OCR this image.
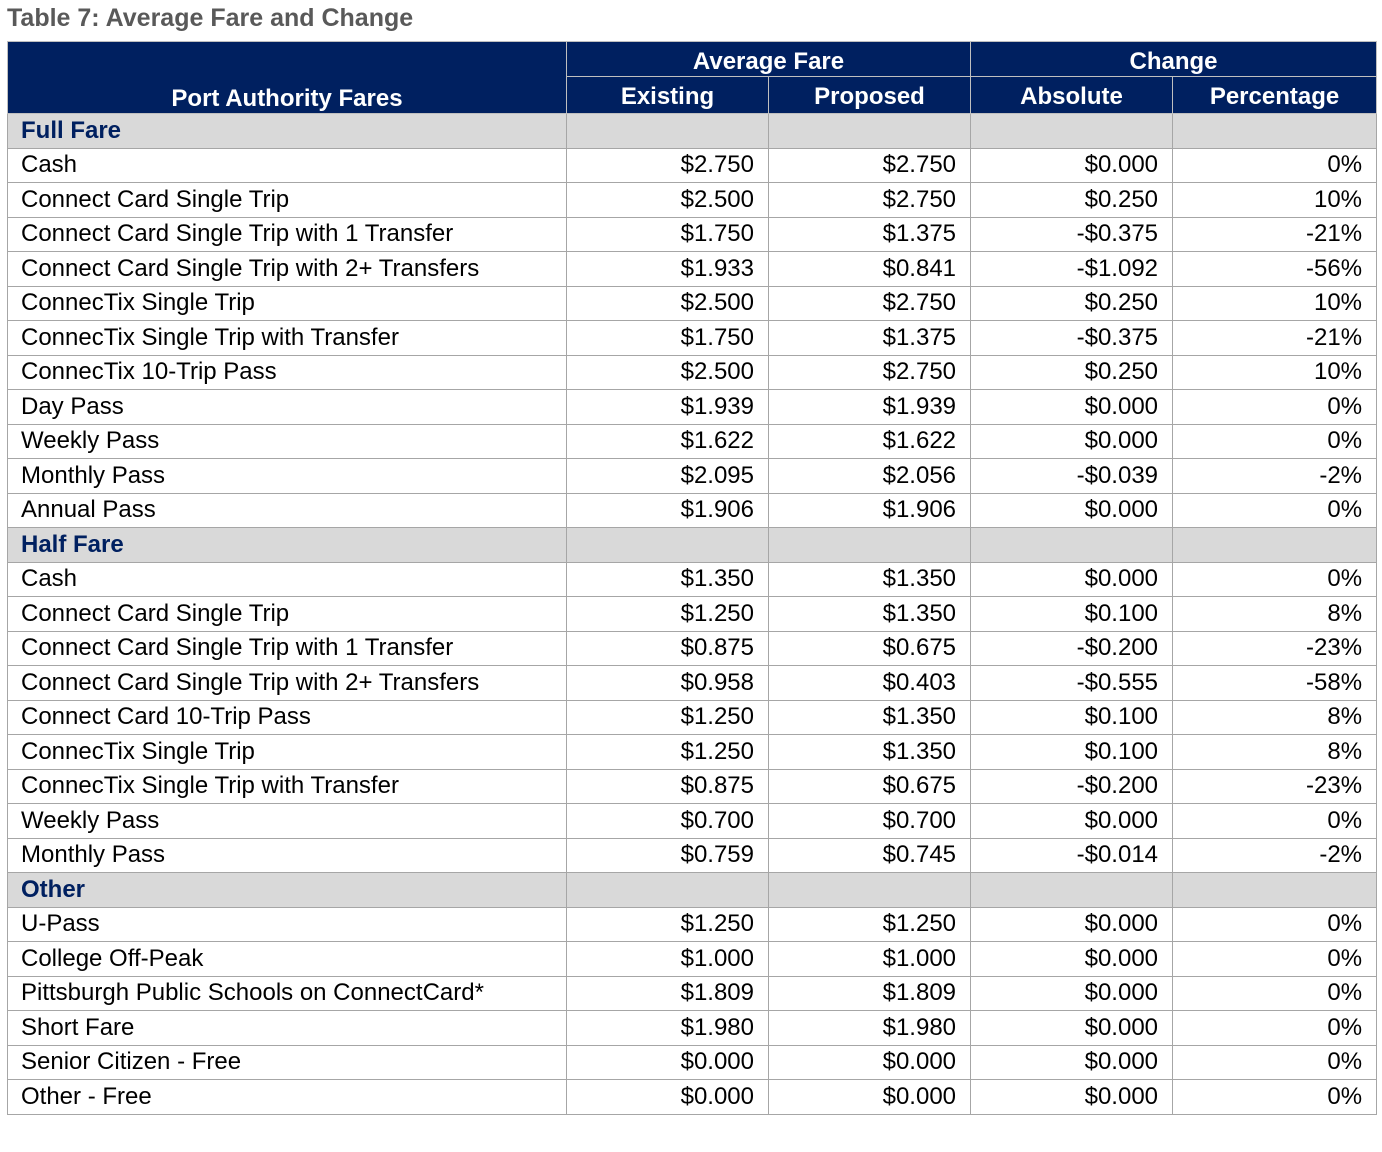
Table 7: Average Fare and Change
Port Authority Fares	Average Fare		Change	
	Existing	Proposed	Absolute	Percentage
Full Fare				
Cash	$2.750	$2.750	$0.000	0%
Connect Card Single Trip	$2.500	$2.750	$0.250	10%
Connect Card Single Trip with 1 Transfer	$1.750	$1.375	-$0.375	-21%
Connect Card Single Trip with 2+ Transfers	$1.933	$0.841	-$1.092	-56%
ConnecTix Single Trip	$2.500	$2.750	$0.250	10%
ConnecTix Single Trip with Transfer	$1.750	$1.375	-$0.375	-21%
ConnecTix 10-Trip Pass	$2.500	$2.750	$0.250	10%
Day Pass	$1.939	$1.939	$0.000	0%
Weekly Pass	$1.622	$1.622	$0.000	0%
Monthly Pass	$2.095	$2.056	-$0.039	-2%
Annual Pass	$1.906	$1.906	$0.000	0%
Half Fare				
Cash	$1.350	$1.350	$0.000	0%
Connect Card Single Trip	$1.250	$1.350	$0.100	8%
Connect Card Single Trip with 1 Transfer	$0.875	$0.675	-$0.200	-23%
Connect Card Single Trip with 2+ Transfers	$0.958	$0.403	-$0.555	-58%
Connect Card 10-Trip Pass	$1.250	$1.350	$0.100	8%
ConnecTix Single Trip	$1.250	$1.350	$0.100	8%
ConnecTix Single Trip with Transfer	$0.875	$0.675	-$0.200	-23%
Weekly Pass	$0.700	$0.700	$0.000	0%
Monthly Pass	$0.759	$0.745	-$0.014	-2%
Other				
U-Pass	$1.250	$1.250	$0.000	0%
College Off-Peak	$1.000	$1.000	$0.000	0%
Pittsburgh Public Schools on ConnectCard*	$1.809	$1.809	$0.000	0%
Short Fare	$1.980	$1.980	$0.000	0%
Senior Citizen - Free	$0.000	$0.000	$0.000	0%
Other - Free	$0.000	$0.000	$0.000	0%
